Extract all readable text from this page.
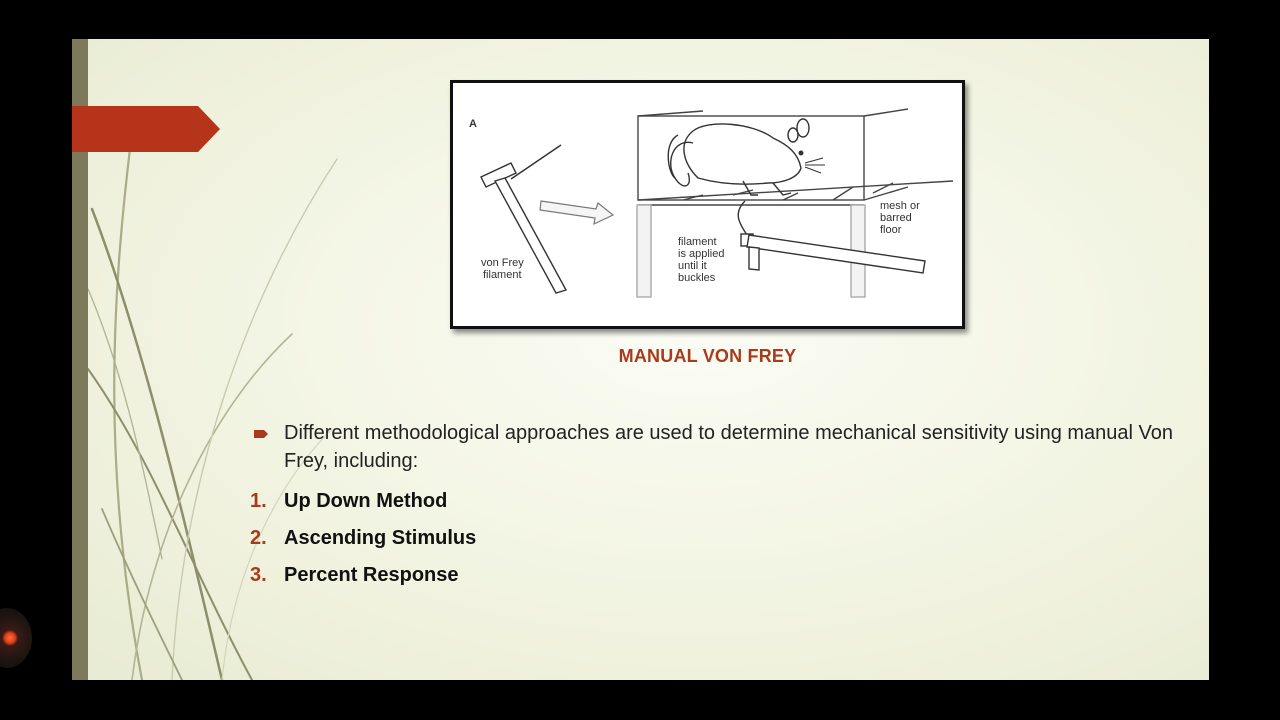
A
von Frey
filament
filament
is applied
until it
buckles
mesh or
barred
floor

MANUAL VON FREY

Different methodological approaches are used to determine mechanical sensitivity using manual Von Frey, including:
1. Up Down Method
2. Ascending Stimulus
3. Percent Response
